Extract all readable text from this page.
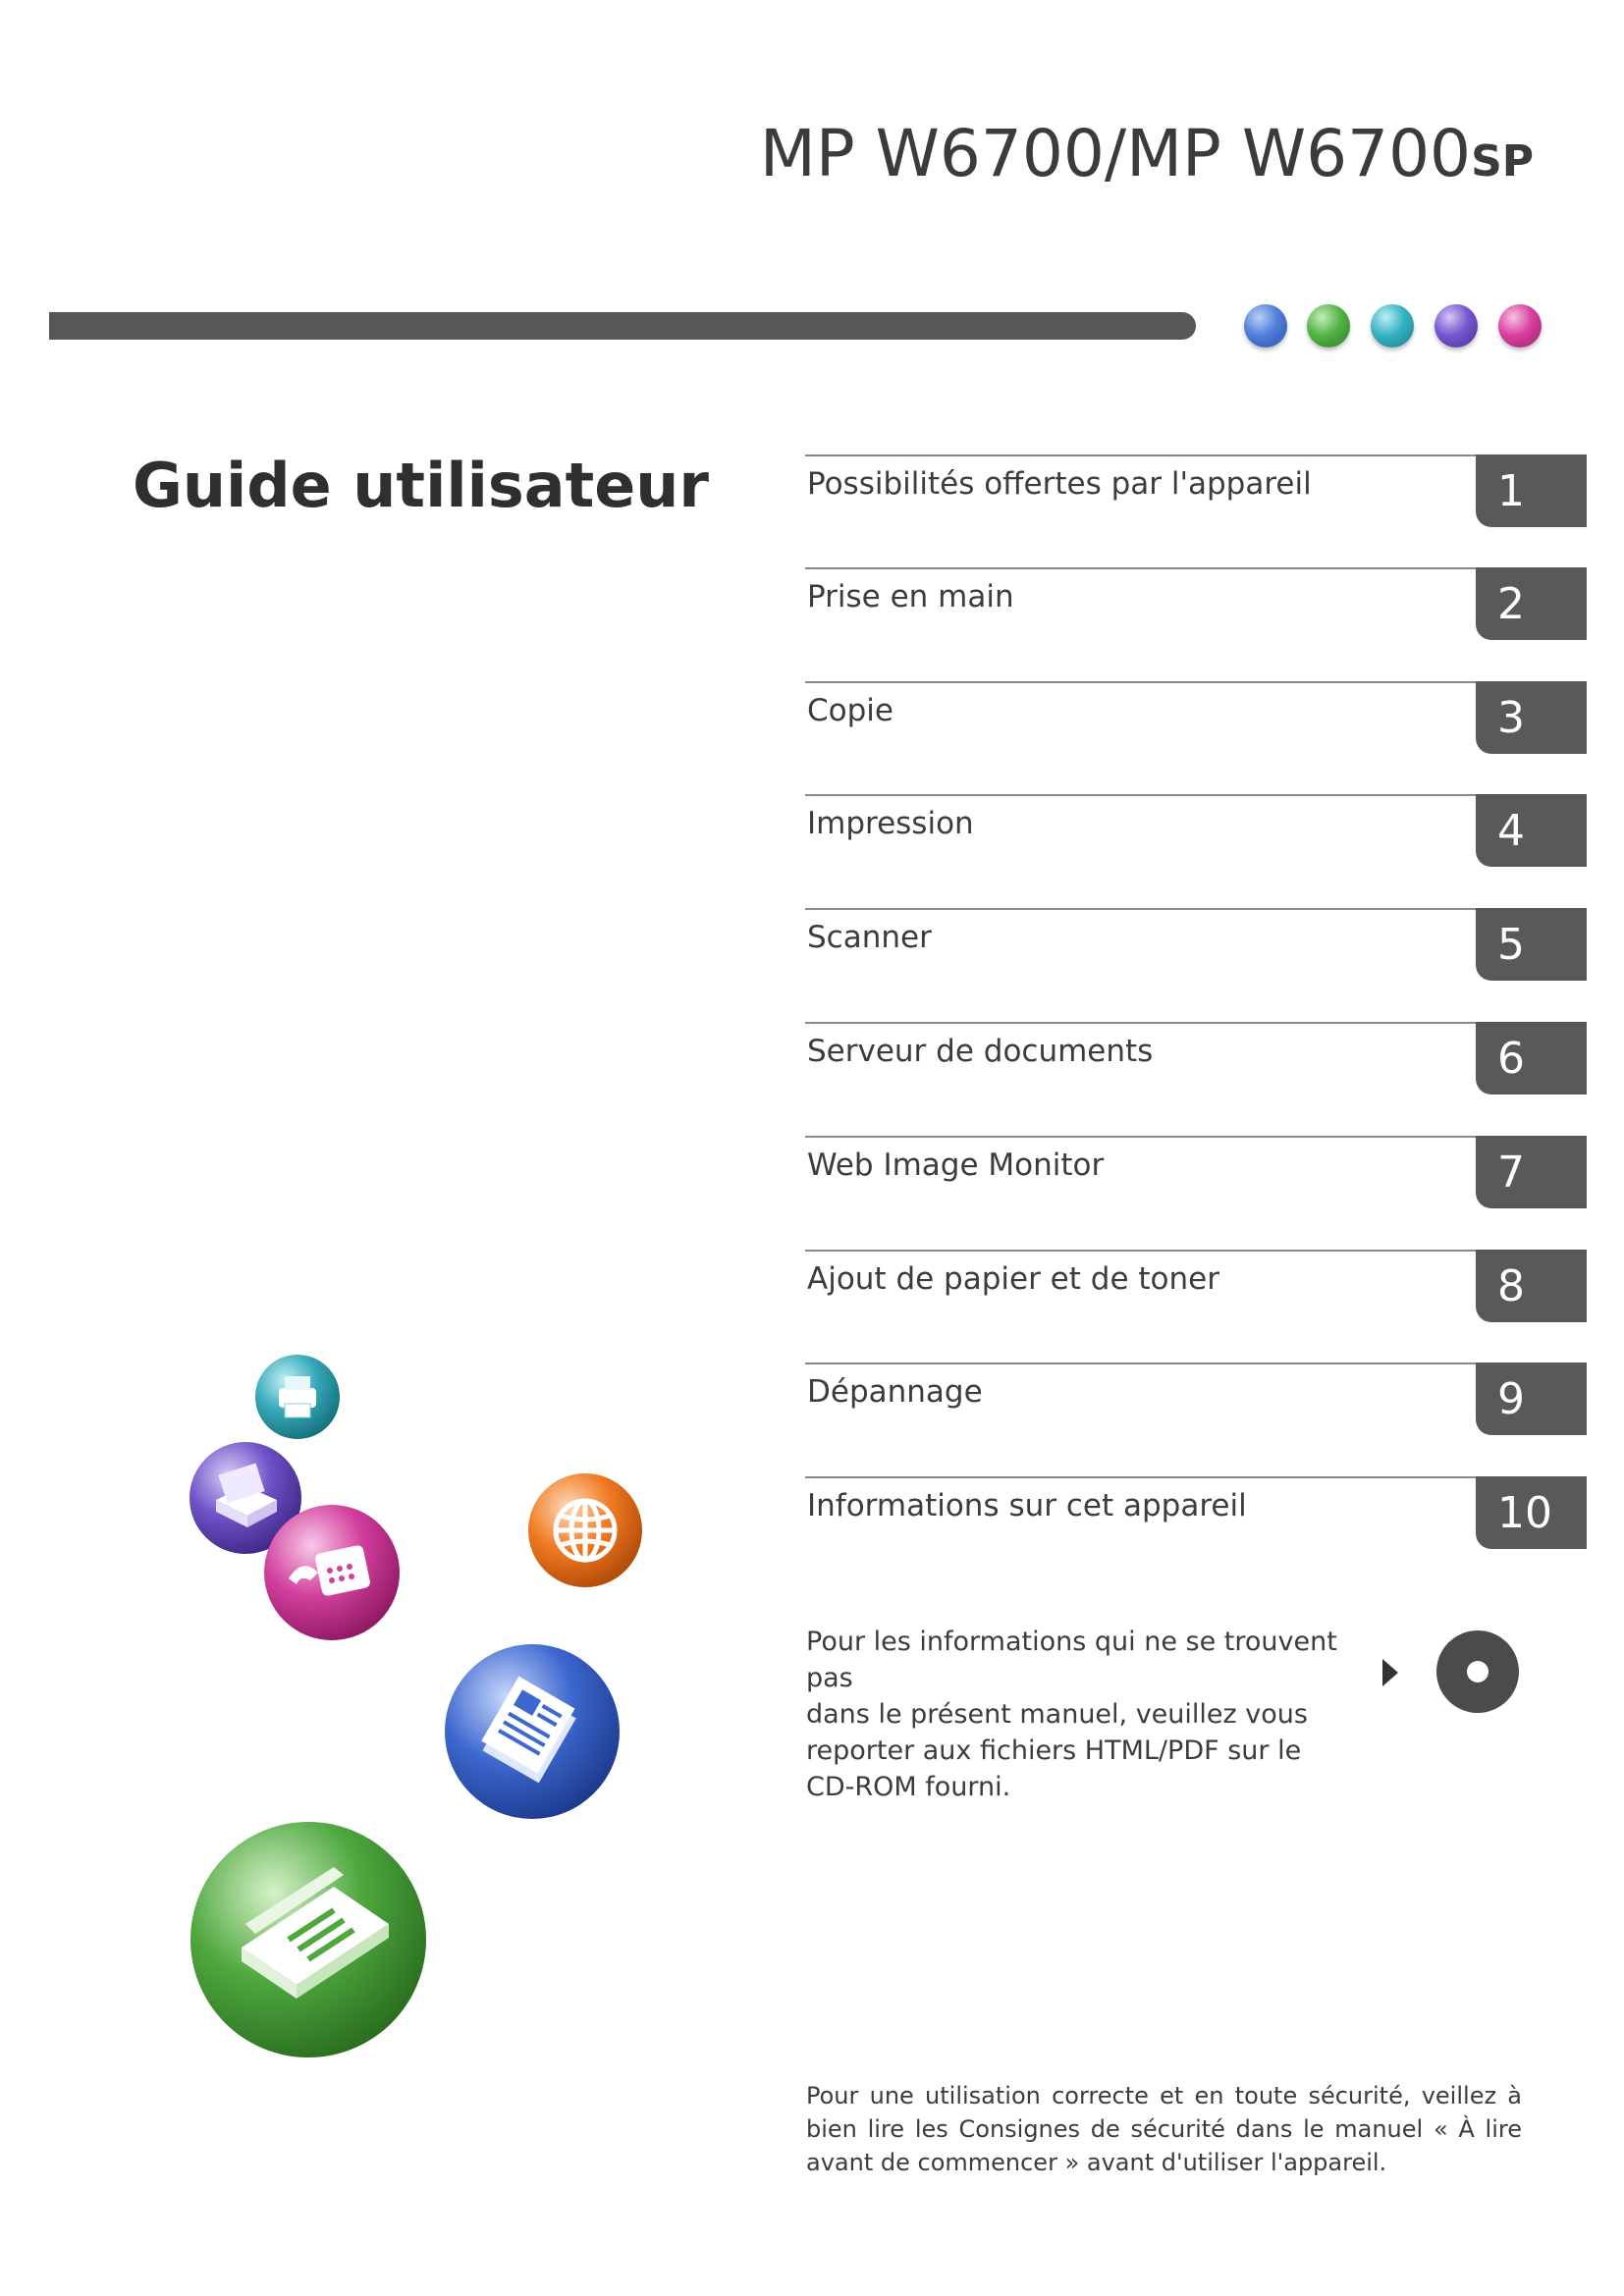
MP W6700/MP W6700SP
Guide utilisateur	Possibilités offertes par l'appareil	1
Prise en main	2
Copie	3
Impression	4
Scanner	5
Serveur de documents	6
Web Image Monitor	7
Ajout de papier et de toner	8
Dépannage	9
Informations sur cet appareil	10

Pour les informations qui ne se trouvent pas

dans le présent manuel, veuillez vous

reporter aux fichiers HTML/PDF sur le

CD-ROM fourni.

Pour une utilisation correcte et en toute sécurité, veillez à bien lire les Consignes de sécurité dans le manuel « À lire avant de commencer » avant d'utiliser l'appareil.
